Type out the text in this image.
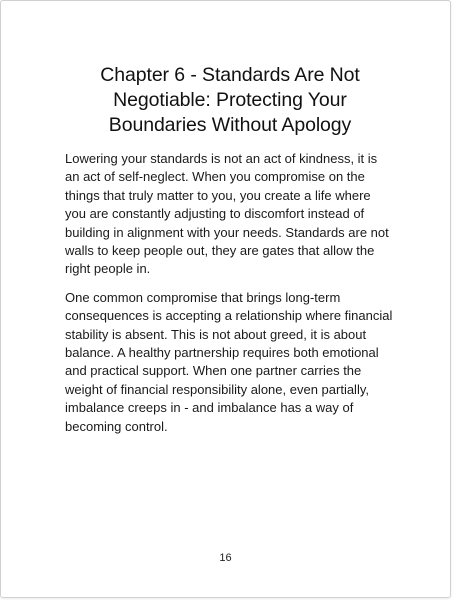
Chapter 6 - Standards Are Not Negotiable: Protecting Your Boundaries Without Apology

Lowering your standards is not an act of kindness, it is an act of self-neglect. When you compromise on the things that truly matter to you, you create a life where you are constantly adjusting to discomfort instead of building in alignment with your needs. Standards are not walls to keep people out, they are gates that allow the right people in.

One common compromise that brings long-term consequences is accepting a relationship where financial stability is absent. This is not about greed, it is about balance. A healthy partnership requires both emotional and practical support. When one partner carries the weight of financial responsibility alone, even partially, imbalance creeps in - and imbalance has a way of becoming control.

16
